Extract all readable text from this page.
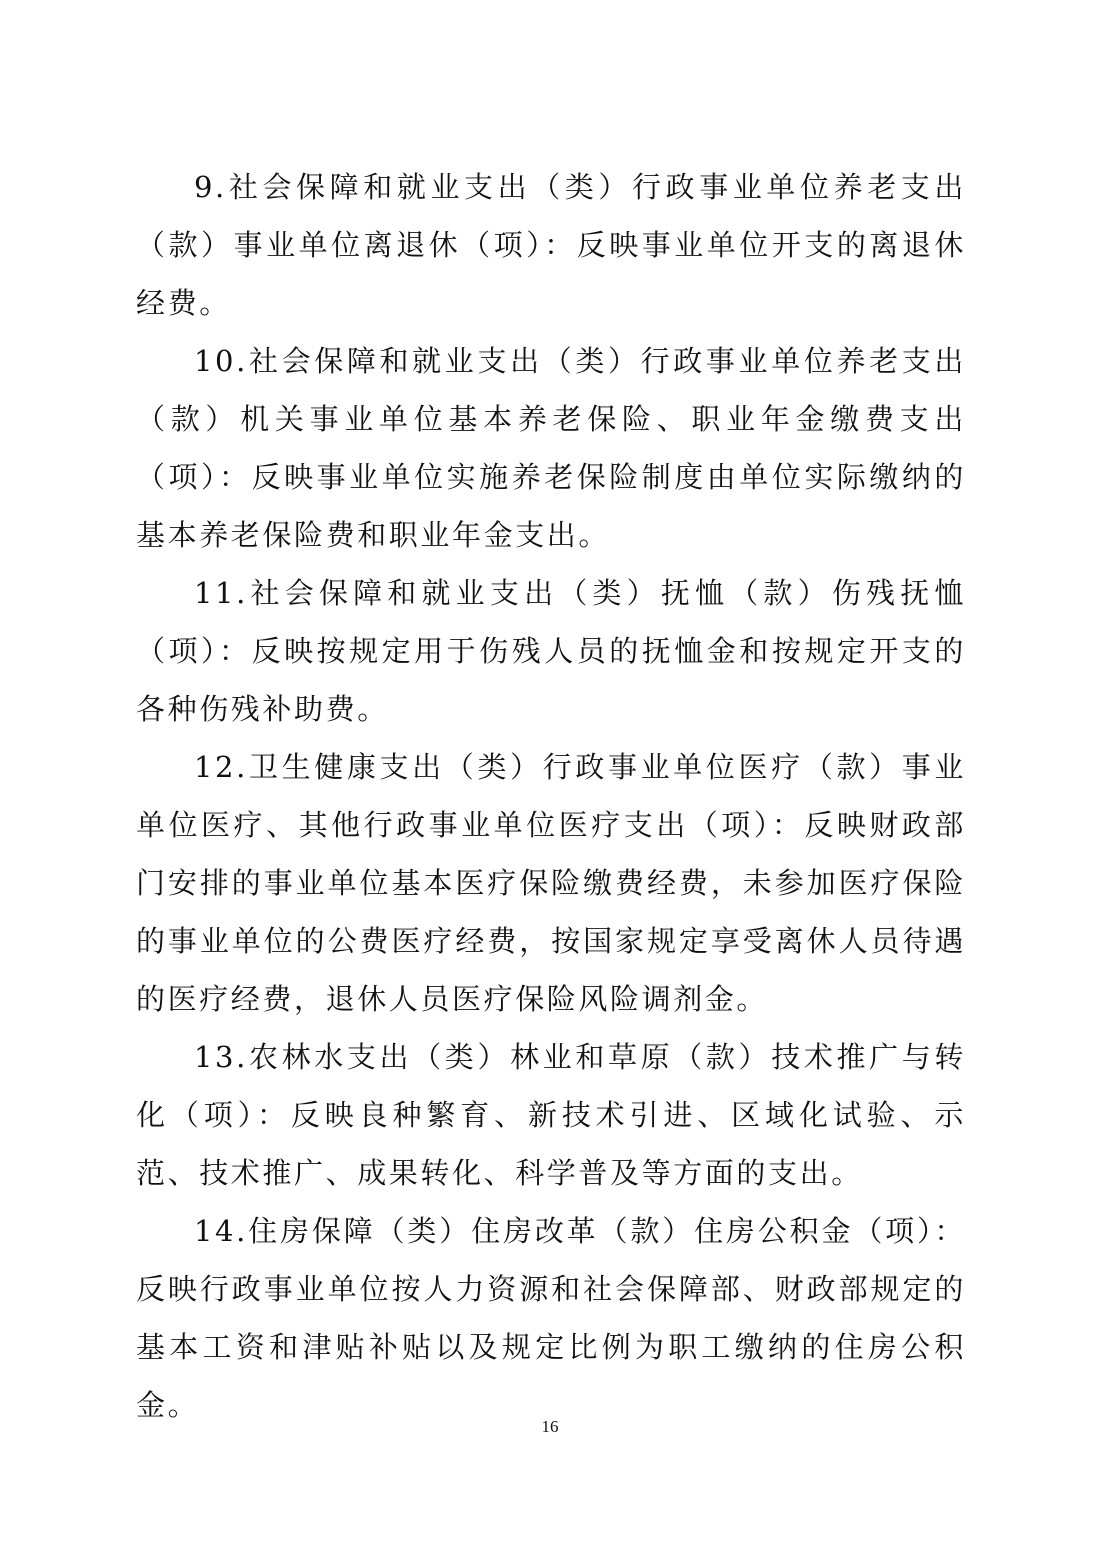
9.社会保障和就业支出（类）行政事业单位养老支出（款）事业单位离退休（项）：反映事业单位开支的离退休经费。

10.社会保障和就业支出（类）行政事业单位养老支出（款）机关事业单位基本养老保险、职业年金缴费支出（项）：反映事业单位实施养老保险制度由单位实际缴纳的基本养老保险费和职业年金支出。

11.社会保障和就业支出（类）抚恤（款）伤残抚恤（项）：反映按规定用于伤残人员的抚恤金和按规定开支的各种伤残补助费。

12.卫生健康支出（类）行政事业单位医疗（款）事业单位医疗、其他行政事业单位医疗支出（项）：反映财政部门安排的事业单位基本医疗保险缴费经费，未参加医疗保险的事业单位的公费医疗经费，按国家规定享受离休人员待遇的医疗经费，退休人员医疗保险风险调剂金。

13.农林水支出（类）林业和草原（款）技术推广与转化（项）：反映良种繁育、新技术引进、区域化试验、示范、技术推广、成果转化、科学普及等方面的支出。

14.住房保障（类）住房改革（款）住房公积金（项）：反映行政事业单位按人力资源和社会保障部、财政部规定的基本工资和津贴补贴以及规定比例为职工缴纳的住房公积金。

16
